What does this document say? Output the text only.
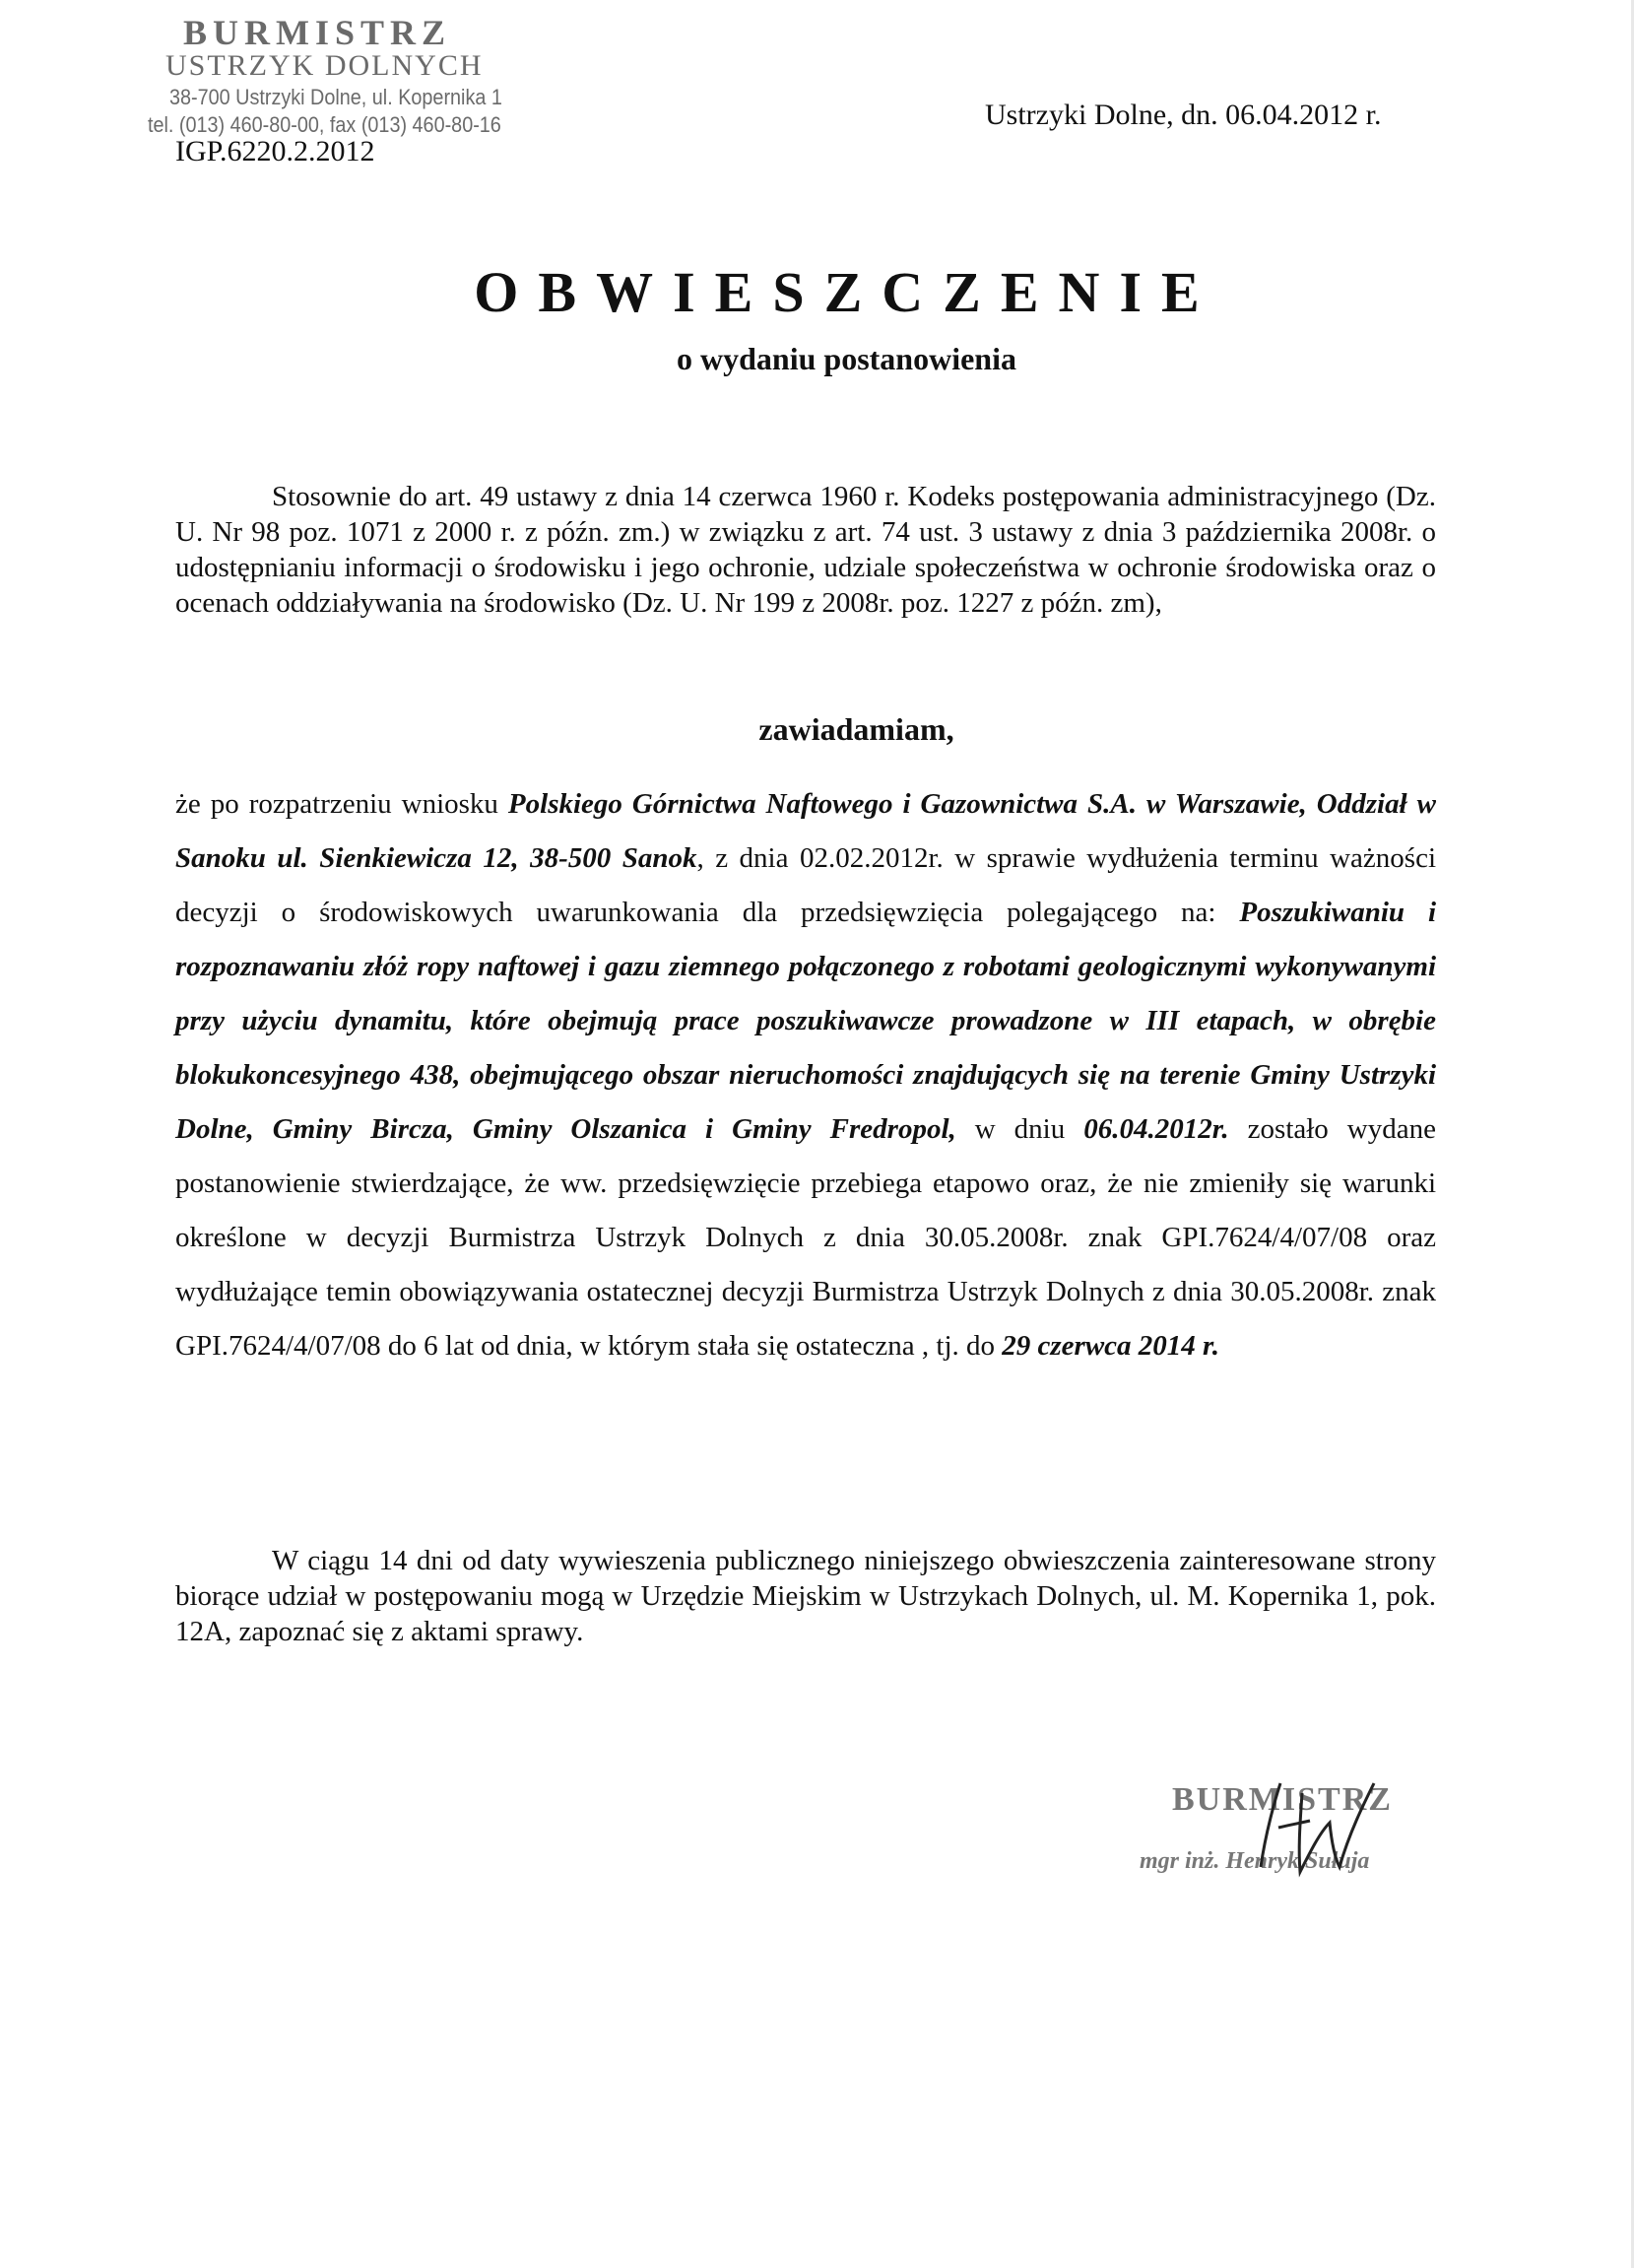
BURMISTRZ
USTRZYK DOLNYCH
38-700 Ustrzyki Dolne, ul. Kopernika 1
tel. (013) 460-80-00, fax (013) 460-80-16
IGP.6220.2.2012
Ustrzyki Dolne, dn. 06.04.2012 r.
OBWIESZCZENIE
o wydaniu postanowienia
Stosownie do art. 49 ustawy z dnia 14 czerwca 1960 r. Kodeks postępowania administracyjnego (Dz. U. Nr 98 poz. 1071 z 2000 r. z późn. zm.) w związku z art. 74 ust. 3 ustawy z dnia 3 października 2008r. o udostępnianiu informacji o środowisku i jego ochronie, udziale społeczeństwa w ochronie środowiska oraz o ocenach oddziaływania na środowisko (Dz. U. Nr 199 z 2008r. poz. 1227 z późn. zm),
zawiadamiam,
że po rozpatrzeniu wniosku Polskiego Górnictwa Naftowego i Gazownictwa S.A. w Warszawie, Oddział w Sanoku ul. Sienkiewicza 12, 38-500 Sanok, z dnia 02.02.2012r. w sprawie wydłużenia terminu ważności decyzji o środowiskowych uwarunkowania dla przedsięwzięcia polegającego na: Poszukiwaniu i rozpoznawaniu złóż ropy naftowej i gazu ziemnego połączonego z robotami geologicznymi wykonywanymi przy użyciu dynamitu, które obejmują prace poszukiwawcze prowadzone w III etapach, w obrębie blokukoncesyjnego 438, obejmującego obszar nieruchomości znajdujących się na terenie Gminy Ustrzyki Dolne, Gminy Bircza, Gminy Olszanica i Gminy Fredropol, w dniu 06.04.2012r. zostało wydane postanowienie stwierdzające, że ww. przedsięwzięcie przebiega etapowo oraz, że nie zmieniły się warunki określone w decyzji Burmistrza Ustrzyk Dolnych z dnia 30.05.2008r. znak GPI.7624/4/07/08 oraz wydłużające temin obowiązywania ostatecznej decyzji Burmistrza Ustrzyk Dolnych z dnia 30.05.2008r. znak GPI.7624/4/07/08 do 6 lat od dnia, w którym stała się ostateczna , tj. do 29 czerwca 2014 r.
W ciągu 14 dni od daty wywieszenia publicznego niniejszego obwieszczenia zainteresowane strony biorące udział w postępowaniu mogą w Urzędzie Miejskim w Ustrzykach Dolnych, ul. M. Kopernika 1, pok. 12A, zapoznać się z aktami sprawy.
BURMISTRZ
mgr inż. Henryk Sułuja
